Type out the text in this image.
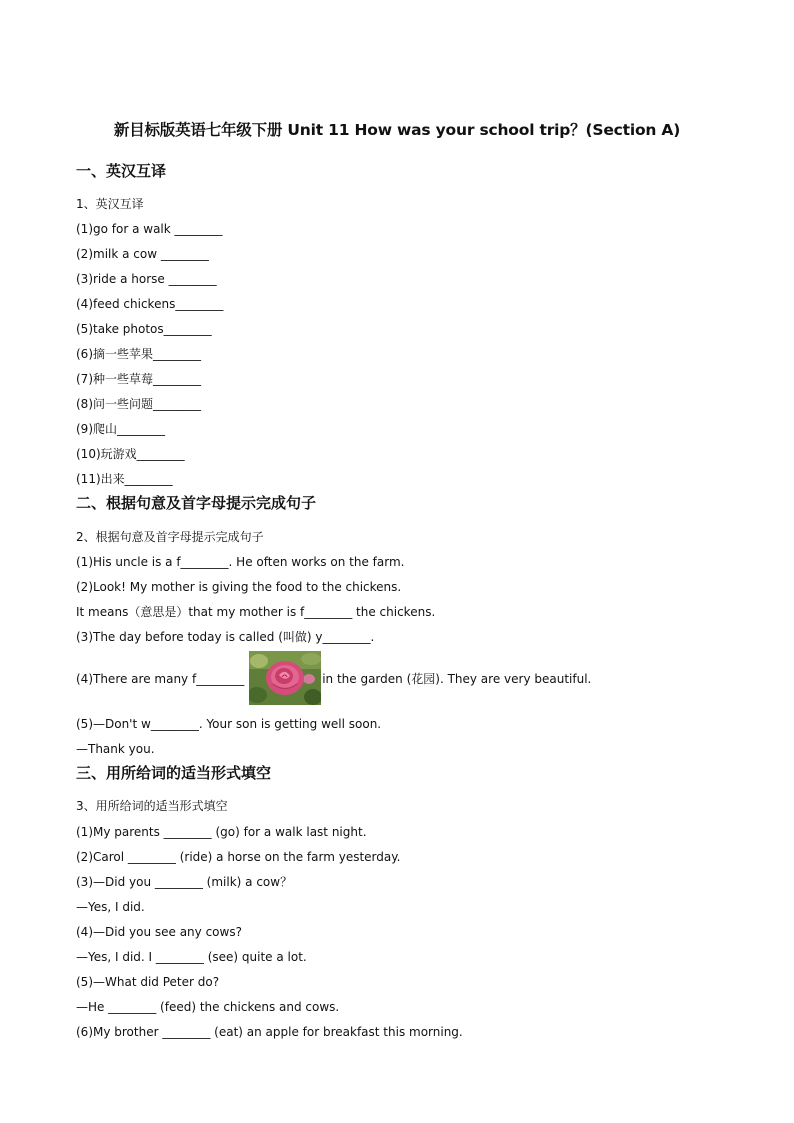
新目标版英语七年级下册 Unit 11 How was your school trip？(Section A)
一、英汉互译
1、英汉互译
(1)go for a walk ________
(2)milk a cow ________
(3)ride a horse ________
(4)feed chickens________
(5)take photos________
(6)摘一些苹果________
(7)种一些草莓________
(8)问一些问题________
(9)爬山________
(10)玩游戏________
(11)出来________
二、根据句意及首字母提示完成句子
2、根据句意及首字母提示完成句子
(1)His uncle is a f________. He often works on the farm.
(2)Look! My mother is giving the food to the chickens.
It means（意思是）that my mother is f________ the chickens.
(3)The day before today is called (叫做) y________.
(4)There are many f________	in the garden (花园). They are very beautiful.
(5)—Don't w________. Your son is getting well soon.
—Thank you.
三、用所给词的适当形式填空
3、用所给词的适当形式填空
(1)My parents ________ (go) for a walk last night.
(2)Carol ________ (ride) a horse on the farm yesterday.
(3)—Did you ________ (milk) a cow？
—Yes, I did.
(4)—Did you see any cows?
—Yes, I did. I ________ (see) quite a lot.
(5)—What did Peter do?
—He ________ (feed) the chickens and cows.
(6)My brother ________ (eat) an apple for breakfast this morning.
